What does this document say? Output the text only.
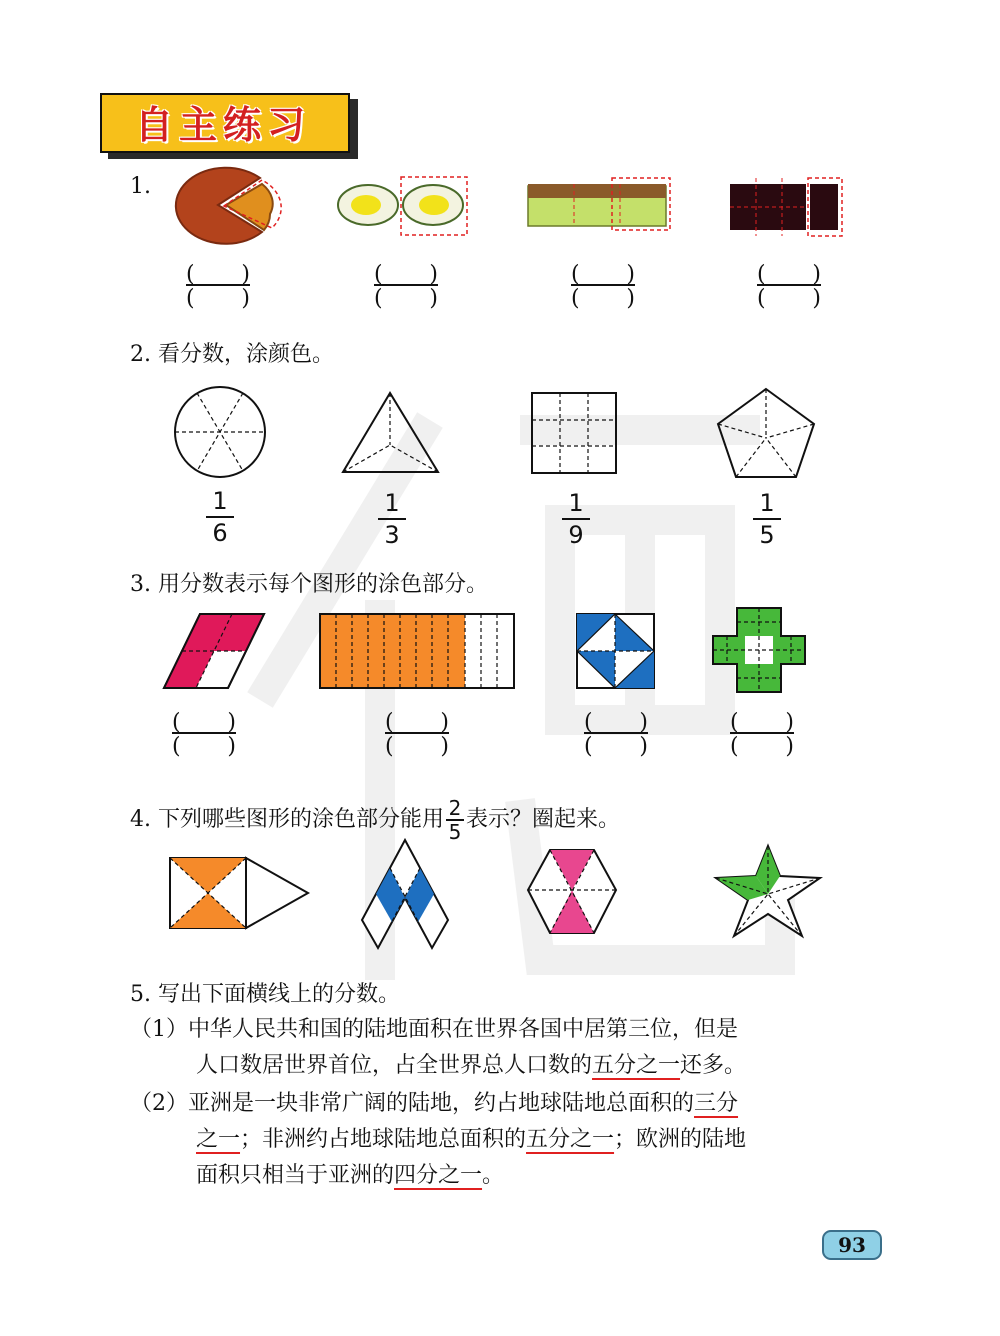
自主练习
1.
( )
( )
( )
( )
( )
( )
( )
( )
2. 看分数，涂颜色。
1
6
1
3
1
9
1
5
3. 用分数表示每个图形的涂色部分。
( )
( )
( )
( )
( )
( )
( )
( )
4. 下列哪些图形的涂色部分能用 2
5 表示？圈起来。
5. 写出下面横线上的分数。
（1）中华人民共和国的陆地面积在世界各国中居第三位，但是
人口数居世界首位，占全世界总人口数的五分之一还多。
（2）亚洲是一块非常广阔的陆地，约占地球陆地总面积的三分
之一；非洲约占地球陆地总面积的五分之一；欧洲的陆地
面积只相当于亚洲的四分之一。
93
